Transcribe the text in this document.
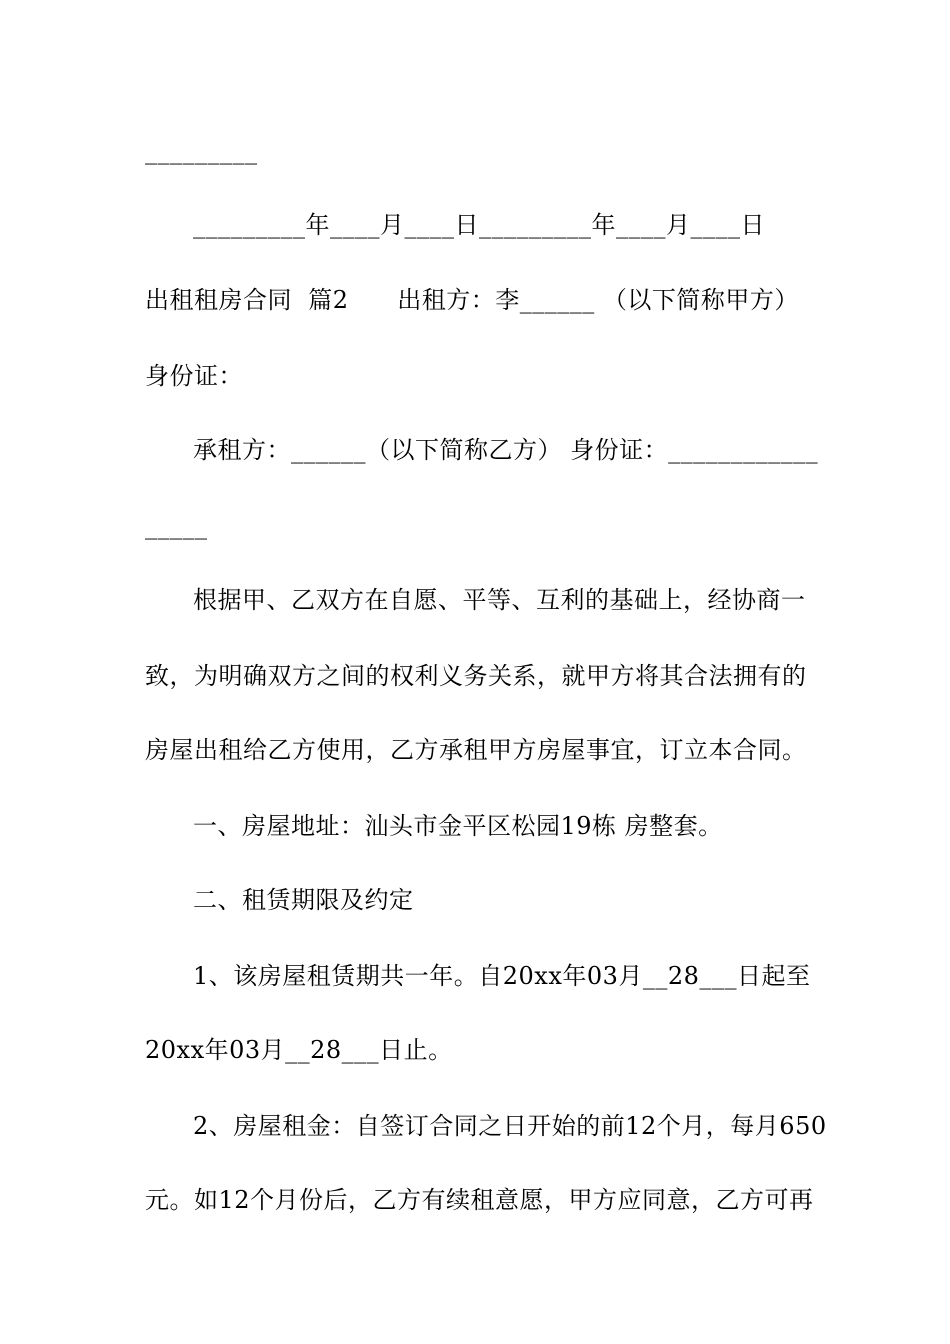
_________
_________年____月____日_________年____月____日
出租租房合同  篇2      出租方：李______ （以下简称甲方）
身份证：
承租方：______（以下简称乙方） 身份证：____________
_____
根据甲、乙双方在自愿、平等、互利的基础上，经协商一
致，为明确双方之间的权利义务关系，就甲方将其合法拥有的
房屋出租给乙方使用，乙方承租甲方房屋事宜，订立本合同。
一、房屋地址：汕头市金平区松园19栋 房整套。
二、租赁期限及约定
1、该房屋租赁期共一年。自20xx年03月__28___日起至
20xx年03月__28___日止。
2、房屋租金：自签订合同之日开始的前12个月，每月650
元。如12个月份后，乙方有续租意愿，甲方应同意，乙方可再
